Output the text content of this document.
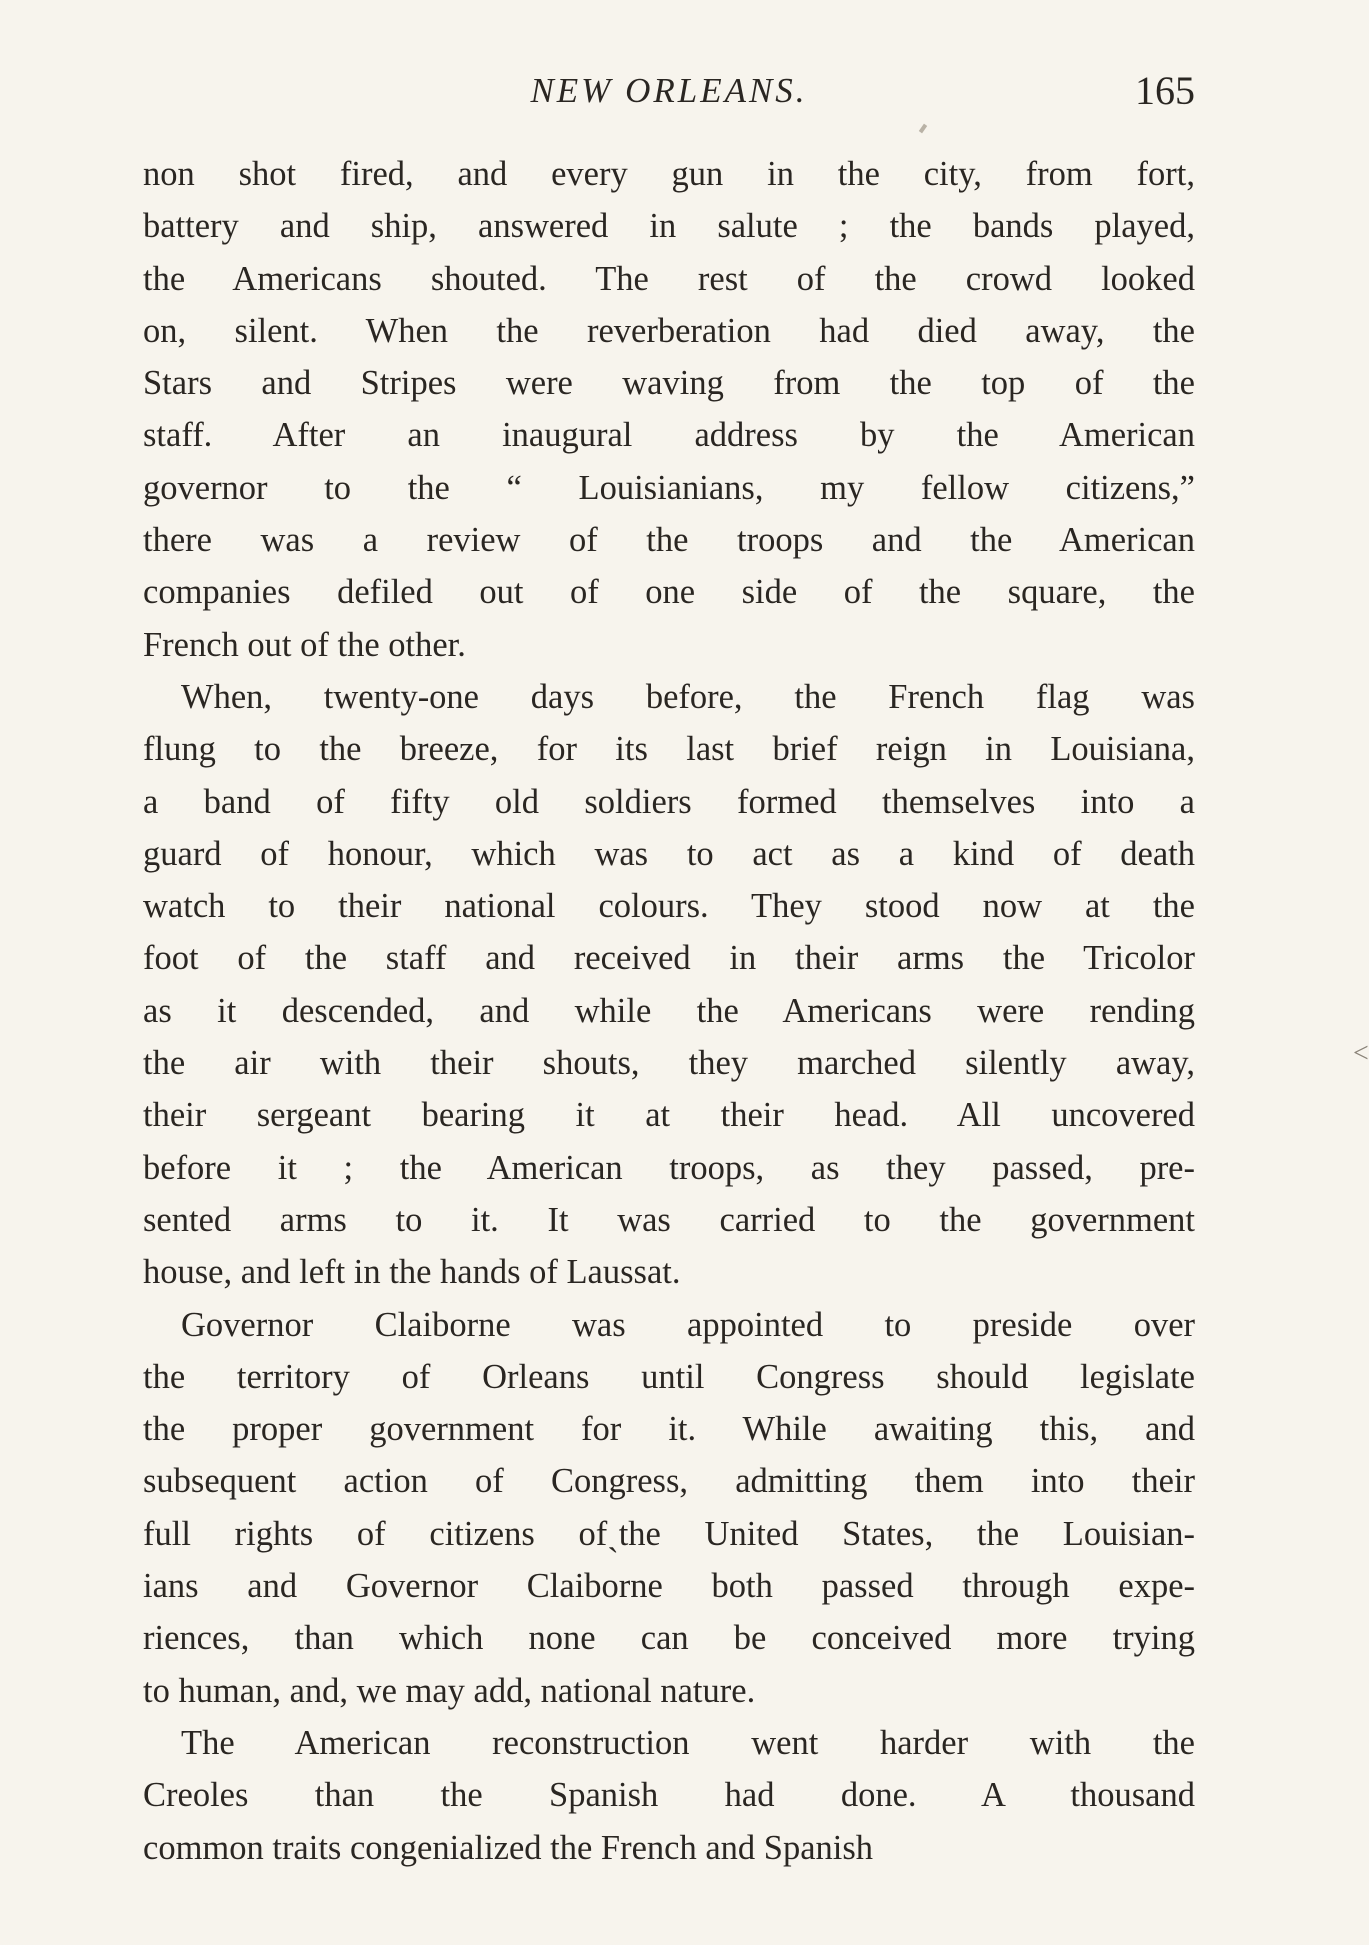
NEW ORLEANS.	165
non shot fired, and every gun in the city, from fort,
battery and ship, answered in salute ; the bands played,
the Americans shouted. The rest of the crowd looked
on, silent. When the reverberation had died away, the
Stars and Stripes were waving from the top of the
staff. After an inaugural address by the American
governor to the “ Louisianians, my fellow citizens,”
there was a review of the troops and the American
companies defiled out of one side of the square, the
French out of the other.
When, twenty-one days before, the French flag was
flung to the breeze, for its last brief reign in Louisiana,
a band of fifty old soldiers formed themselves into a
guard of honour, which was to act as a kind of death
watch to their national colours. They stood now at the
foot of the staff and received in their arms the Tricolor
as it descended, and while the Americans were rending
the air with their shouts, they marched silently away,
their sergeant bearing it at their head. All uncovered
before it ; the American troops, as they passed, pre-
sented arms to it. It was carried to the government
house, and left in the hands of Laussat.
Governor Claiborne was appointed to preside over
the territory of Orleans until Congress should legislate
the proper government for it. While awaiting this, and
subsequent action of Congress, admitting them into their
full rights of citizens ofˎthe United States, the Louisian-
ians and Governor Claiborne both passed through expe-
riences, than which none can be conceived more trying
to human, and, we may add, national nature.
The American reconstruction went harder with the
Creoles than the Spanish had done. A thousand
common traits congenialized the French and Spanish
<
